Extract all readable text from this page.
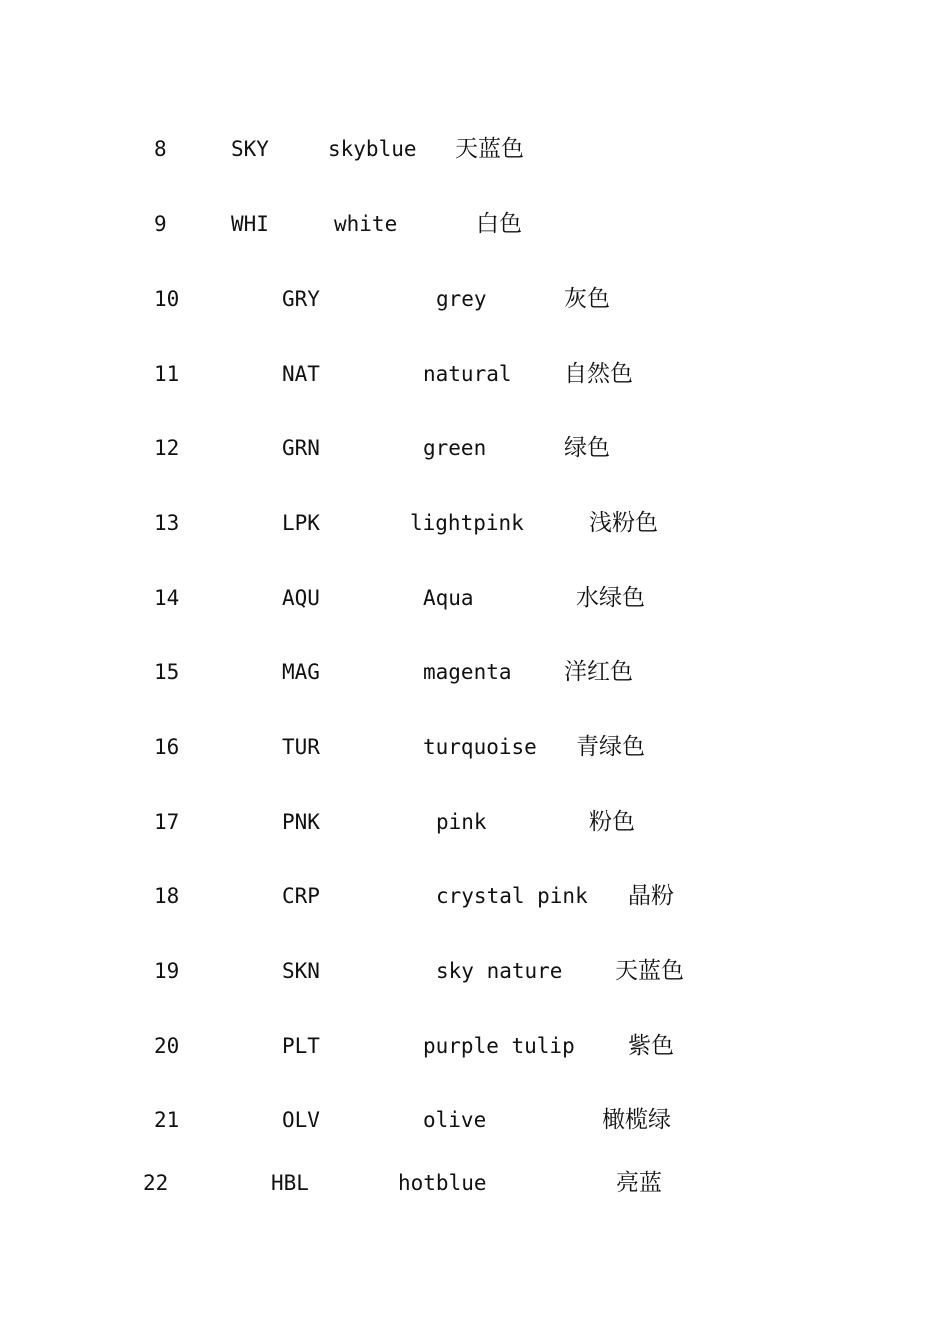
8	SKY	skyblue 天蓝色
9	WHI	white	白色
10	GRY	grey	灰色
11	NAT	natural 自然色
12	GRN	green	绿色
13	LPK	lightpink	浅粉色
14	AQU	Aqua	水绿色
15	MAG	magenta 洋红色
16	TUR	turquoise 青绿色
17	PNK	pink	粉色
18	CRP	crystal pink 晶粉
19	SKN	sky nature 天蓝色
20	PLT	purple tulip 紫色
21	OLV	olive	橄榄绿
22	HBL	hotblue	亮蓝
